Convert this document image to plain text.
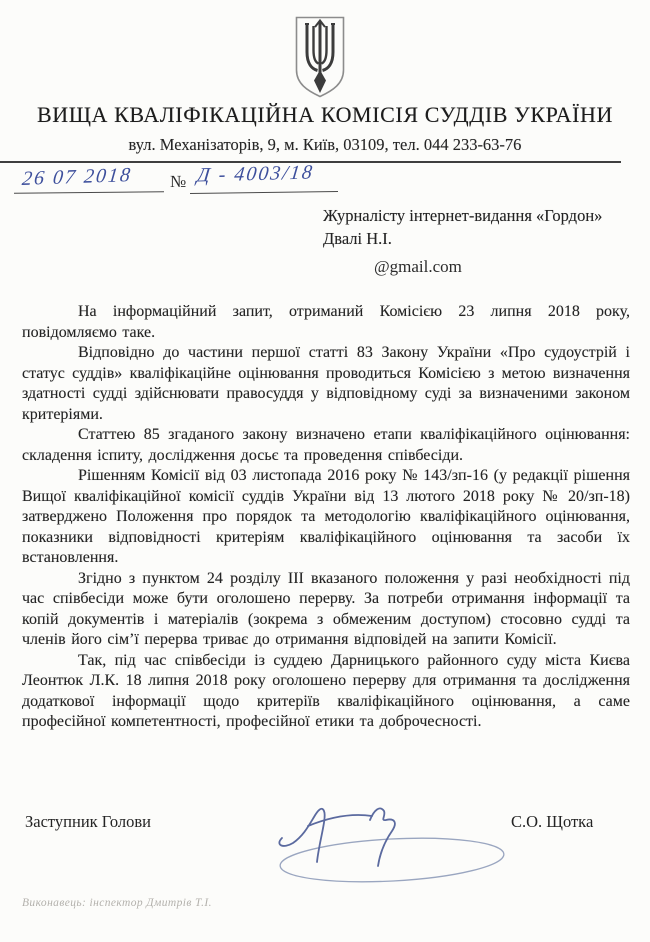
ВИЩА КВАЛІФІКАЦІЙНА КОМІСІЯ СУДДІВ УКРАЇНИ
вул. Механізаторів, 9, м. Київ, 03109, тел. 044 233-63-76
26 07 2018 № Д - 4003/18
Журналісту інтернет-видання «Гордон»
Двалі Н.І.
@gmail.com

На інформаційний запит, отриманий Комісією 23 липня 2018 року, повідомляємо таке.

Відповідно до частини першої статті 83 Закону України «Про судоустрій і статус суддів» кваліфікаційне оцінювання проводиться Комісією з метою визначення здатності судді здійснювати правосуддя у відповідному суді за визначеними законом критеріями.

Статтею 85 згаданого закону визначено етапи кваліфікаційного оцінювання: складення іспиту, дослідження досьє та проведення співбесіди.

Рішенням Комісії від 03 листопада 2016 року № 143/зп-16 (у редакції рішення Вищої кваліфікаційної комісії суддів України від 13 лютого 2018 року № 20/зп-18) затверджено Положення про порядок та методологію кваліфікаційного оцінювання, показники відповідності критеріям кваліфікаційного оцінювання та засоби їх встановлення.

Згідно з пунктом 24 розділу III вказаного положення у разі необхідності під час співбесіди може бути оголошено перерву. За потреби отримання інформації та копій документів і матеріалів (зокрема з обмеженим доступом) стосовно судді та членів його сім’ї перерва триває до отримання відповідей на запити Комісії.

Так, під час співбесіди із суддею Дарницького районного суду міста Києва Леонтюк Л.К. 18 липня 2018 року оголошено перерву для отримання та дослідження додаткової інформації щодо критеріїв кваліфікаційного оцінювання, а саме професійної компетентності, професійної етики та доброчесності.

Заступник Голови	С.О. Щотка
Виконавець: інспектор Дмитрів Т.І.
